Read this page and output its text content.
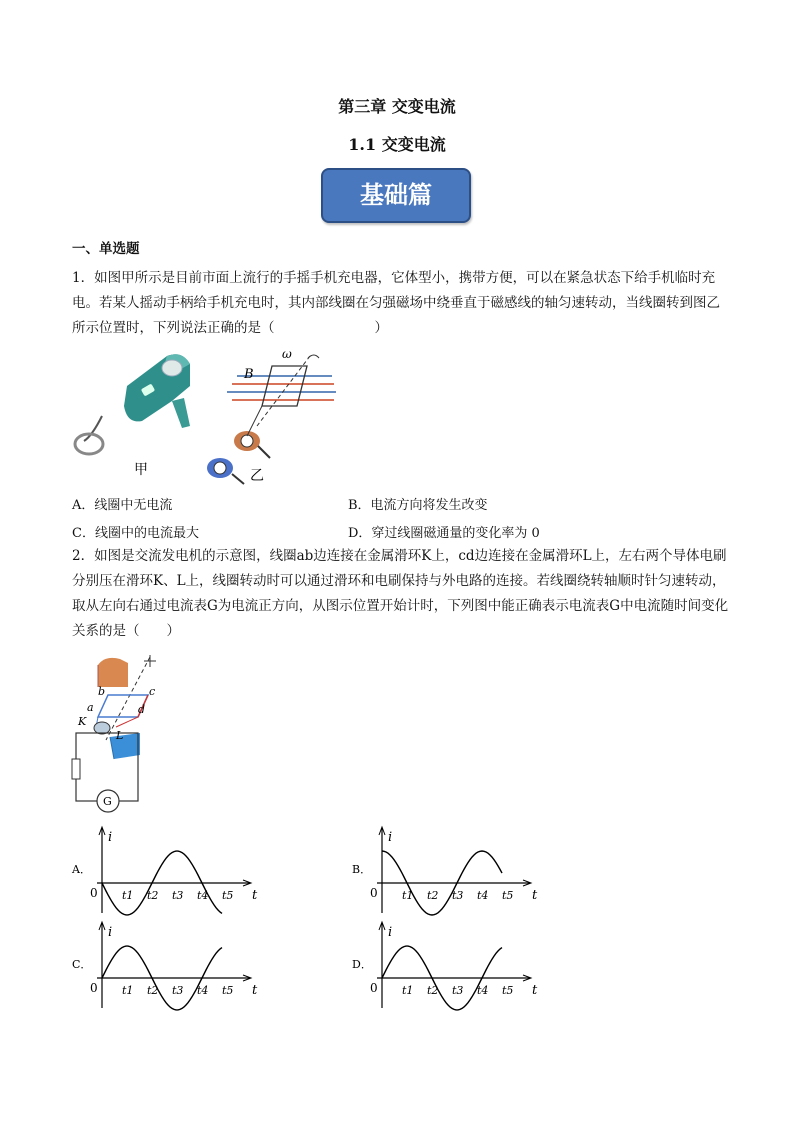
第三章 交变电流
1.1 交变电流
基础篇
一、单选题

1．如图甲所示是目前市面上流行的手摇手机充电器，它体型小，携带方便，可以在紧急状态下给手机临时充电。若某人摇动手柄给手机充电时，其内部线圈在匀强磁场中绕垂直于磁感线的轴匀速转动，当线圈转到图乙所示位置时，下列说法正确的是（	）

甲
B
ω
乙
A．线圈中无电流	B．电流方向将发生改变
C．线圈中的电流最大	D．穿过线圈磁通量的变化率为 0

2．如图是交流发电机的示意图，线圈ab边连接在金属滑环K上，cd边连接在金属滑环L上，左右两个导体电刷分别压在滑环K、L上，线圈转动时可以通过滑环和电刷保持与外电路的连接。若线圈绕转轴顺时针匀速转动，取从左向右通过电流表G为电流正方向，从图示位置开始计时，下列图中能正确表示电流表G中电流随时间变化关系的是（　　）

G
b	c
a	d
K
L
A．
i
t
0 t1 t2 t3 t4 t5
B．
i
t
0 t1 t2 t3 t4 t5
C．
i
t
0 t1 t2 t3 t4 t5
D．
i
t
0 t1 t2 t3 t4 t5
